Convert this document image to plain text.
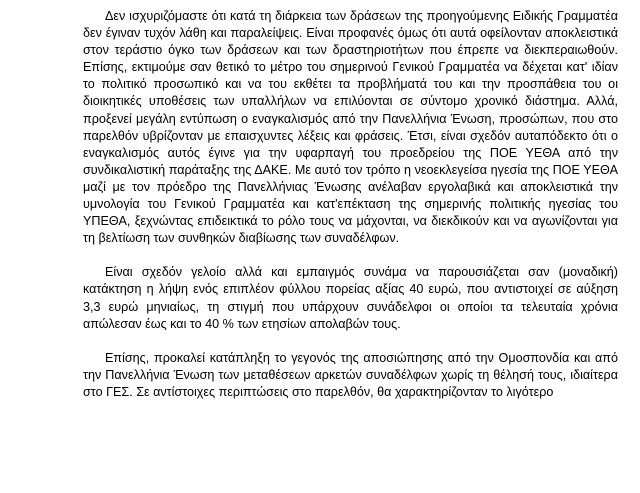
Δεν ισχυριζόμαστε ότι κατά τη διάρκεια των δράσεων της προηγούμενης Ειδικής Γραμματέα δεν έγιναν τυχόν λάθη και παραλείψεις. Είναι προφανές όμως ότι αυτά οφείλονταν αποκλειστικά στον τεράστιο όγκο των δράσεων και των δραστηριοτήτων που έπρεπε να διεκπεραιωθούν. Επίσης, εκτιμούμε σαν θετικό το μέτρο του σημερινού Γενικού Γραμματέα να δέχεται κατ' ιδίαν το πολιτικό προσωπικό και να του εκθέτει τα προβλήματά του και την προσπάθεια του οι διοικητικές υποθέσεις των υπαλλήλων να επιλύονται σε σύντομο χρονικό διάστημα. Αλλά, προξενεί μεγάλη εντύπωση ο εναγκαλισμός από την Πανελλήνια Ένωση, προσώπων, που στο παρελθόν υβρίζονταν με επαισχυντες λέξεις και φράσεις. Έτσι, είναι σχεδόν αυταπόδεκτο ότι ο εναγκαλισμός αυτός έγινε για την υφαρπαγή του προεδρείου της ΠΟΕ ΥΕΘΑ από την συνδικαλιστική παράταξης της ΔΑΚΕ. Με αυτό τον τρόπο η νεοεκλεγείσα ηγεσία της ΠΟΕ ΥΕΘΑ μαζί με τον πρόεδρο της Πανελλήνιας Ένωσης ανέλαβαν εργολαβικά και αποκλειστικά την υμνολογία του Γενικού Γραμματέα και κατ'επέκταση της σημερινής πολιτικής ηγεσίας του ΥΠΕΘΑ, ξεχνώντας επιδεικτικά το ρόλο τους να μάχονται, να διεκδικούν και να αγωνίζονται για τη βελτίωση των συνθηκών διαβίωσης των συναδέλφων.

Είναι σχεδόν γελοίο αλλά και εμπαιγμός συνάμα να παρουσιάζεται σαν (μοναδική) κατάκτηση η λήψη ενός επιπλέον φύλλου πορείας αξίας 40 ευρώ, που αντιστοιχεί σε αύξηση 3,3 ευρώ μηνιαίως, τη στιγμή που υπάρχουν συνάδελφοι οι οποίοι τα τελευταία χρόνια απώλεσαν έως και το 40 % των ετησίων απολαβών τους.

Επίσης, προκαλεί κατάπληξη το γεγονός της αποσιώπησης από την Ομοσπονδία και από την Πανελλήνια Ένωση των μεταθέσεων αρκετών συναδέλφων χωρίς τη θέλησή τους, ιδιαίτερα στο ΓΕΣ. Σε αντίστοιχες περιπτώσεις στο παρελθόν, θα χαρακτηρίζονταν το λιγότερο
